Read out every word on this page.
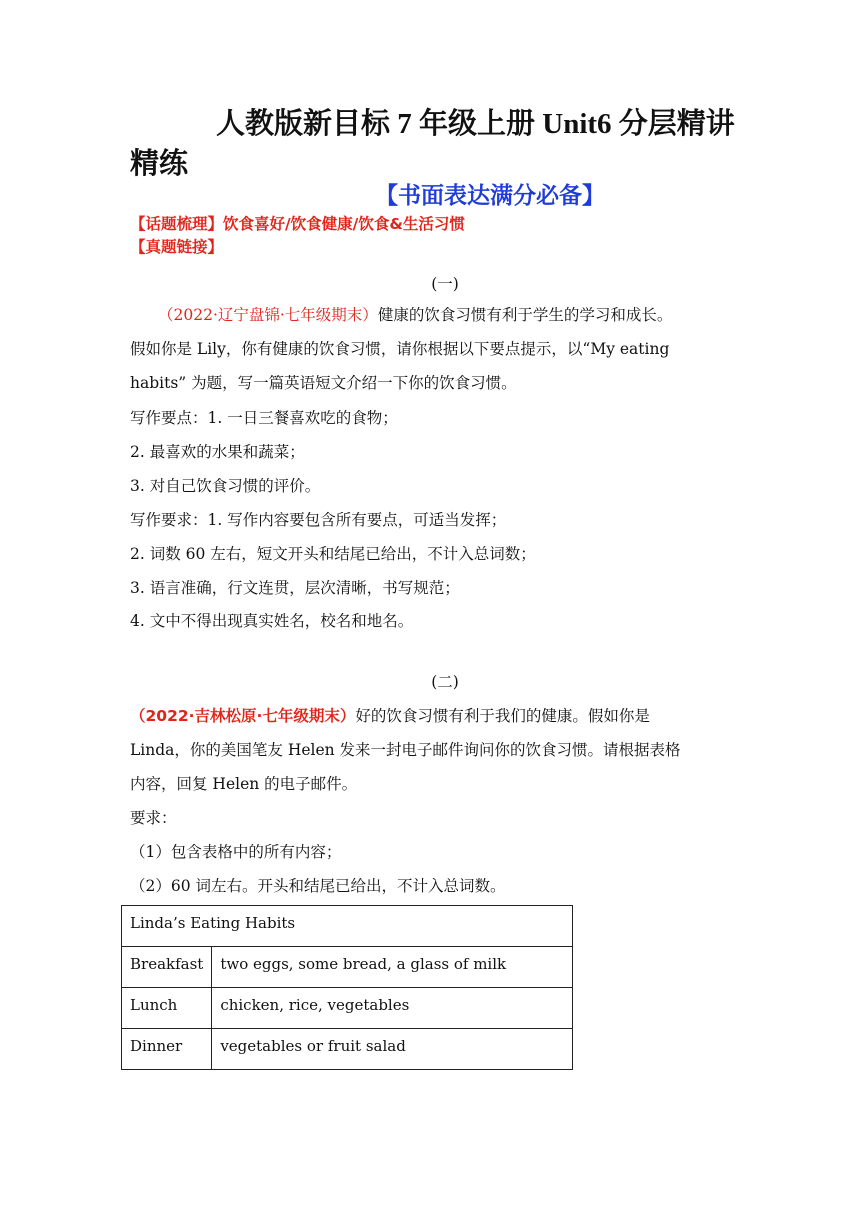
人教版新目标 7 年级上册 Unit6 分层精讲
精练
【书面表达满分必备】
【话题梳理】饮食喜好/饮食健康/饮食&生活习惯
【真题链接】
(一)
（2022·辽宁盘锦·七年级期末）健康的饮食习惯有利于学生的学习和成长。
假如你是 Lily，你有健康的饮食习惯，请你根据以下要点提示，以“My eating
habits” 为题，写一篇英语短文介绍一下你的饮食习惯。
写作要点：1. 一日三餐喜欢吃的食物；
2. 最喜欢的水果和蔬菜；
3. 对自己饮食习惯的评价。
写作要求：1. 写作内容要包含所有要点，可适当发挥；
2. 词数 60 左右，短文开头和结尾已给出，不计入总词数；
3. 语言准确，行文连贯，层次清晰，书写规范；
4. 文中不得出现真实姓名，校名和地名。
(二)
（2022·吉林松原·七年级期末）好的饮食习惯有利于我们的健康。假如你是
Linda，你的美国笔友 Helen 发来一封电子邮件询问你的饮食习惯。请根据表格
内容，回复 Helen 的电子邮件。
要求：
（1）包含表格中的所有内容；
（2）60 词左右。开头和结尾已给出，不计入总词数。
Linda’s Eating Habits	
Breakfast	two eggs, some bread, a glass of milk
Lunch	chicken, rice, vegetables
Dinner	vegetables or fruit salad
